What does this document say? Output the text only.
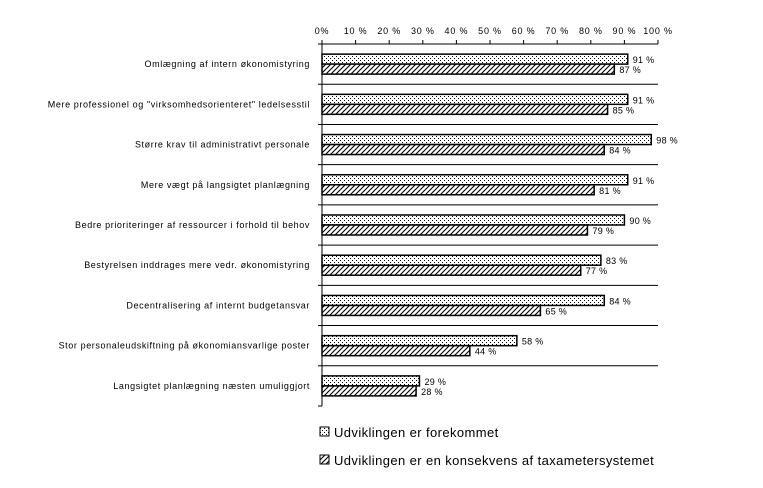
91 %
87 %
91 %
85 %
98 %
84 %
91 %
81 %
90 %
79 %
83 %
77 %
84 %
65 %
58 %
44 %
29 %
28 %
0% 10 % 20 % 30 % 40 % 50 % 60 % 70 % 80 % 90 % 100 %
Omlægning af intern økonomistyring
Mere professionel og "virksomhedsorienteret" ledelsesstil
Større krav til administrativt personale
Mere vægt på langsigtet planlægning
Bedre prioriteringer af ressourcer i forhold til behov
Bestyrelsen inddrages mere vedr. økonomistyring
Decentralisering af internt budgetansvar
Stor personaleudskiftning på økonomiansvarlige poster
Langsigtet planlægning næsten umuliggjort
Udviklingen er forekommet
Udviklingen er en konsekvens af taxametersystemet
